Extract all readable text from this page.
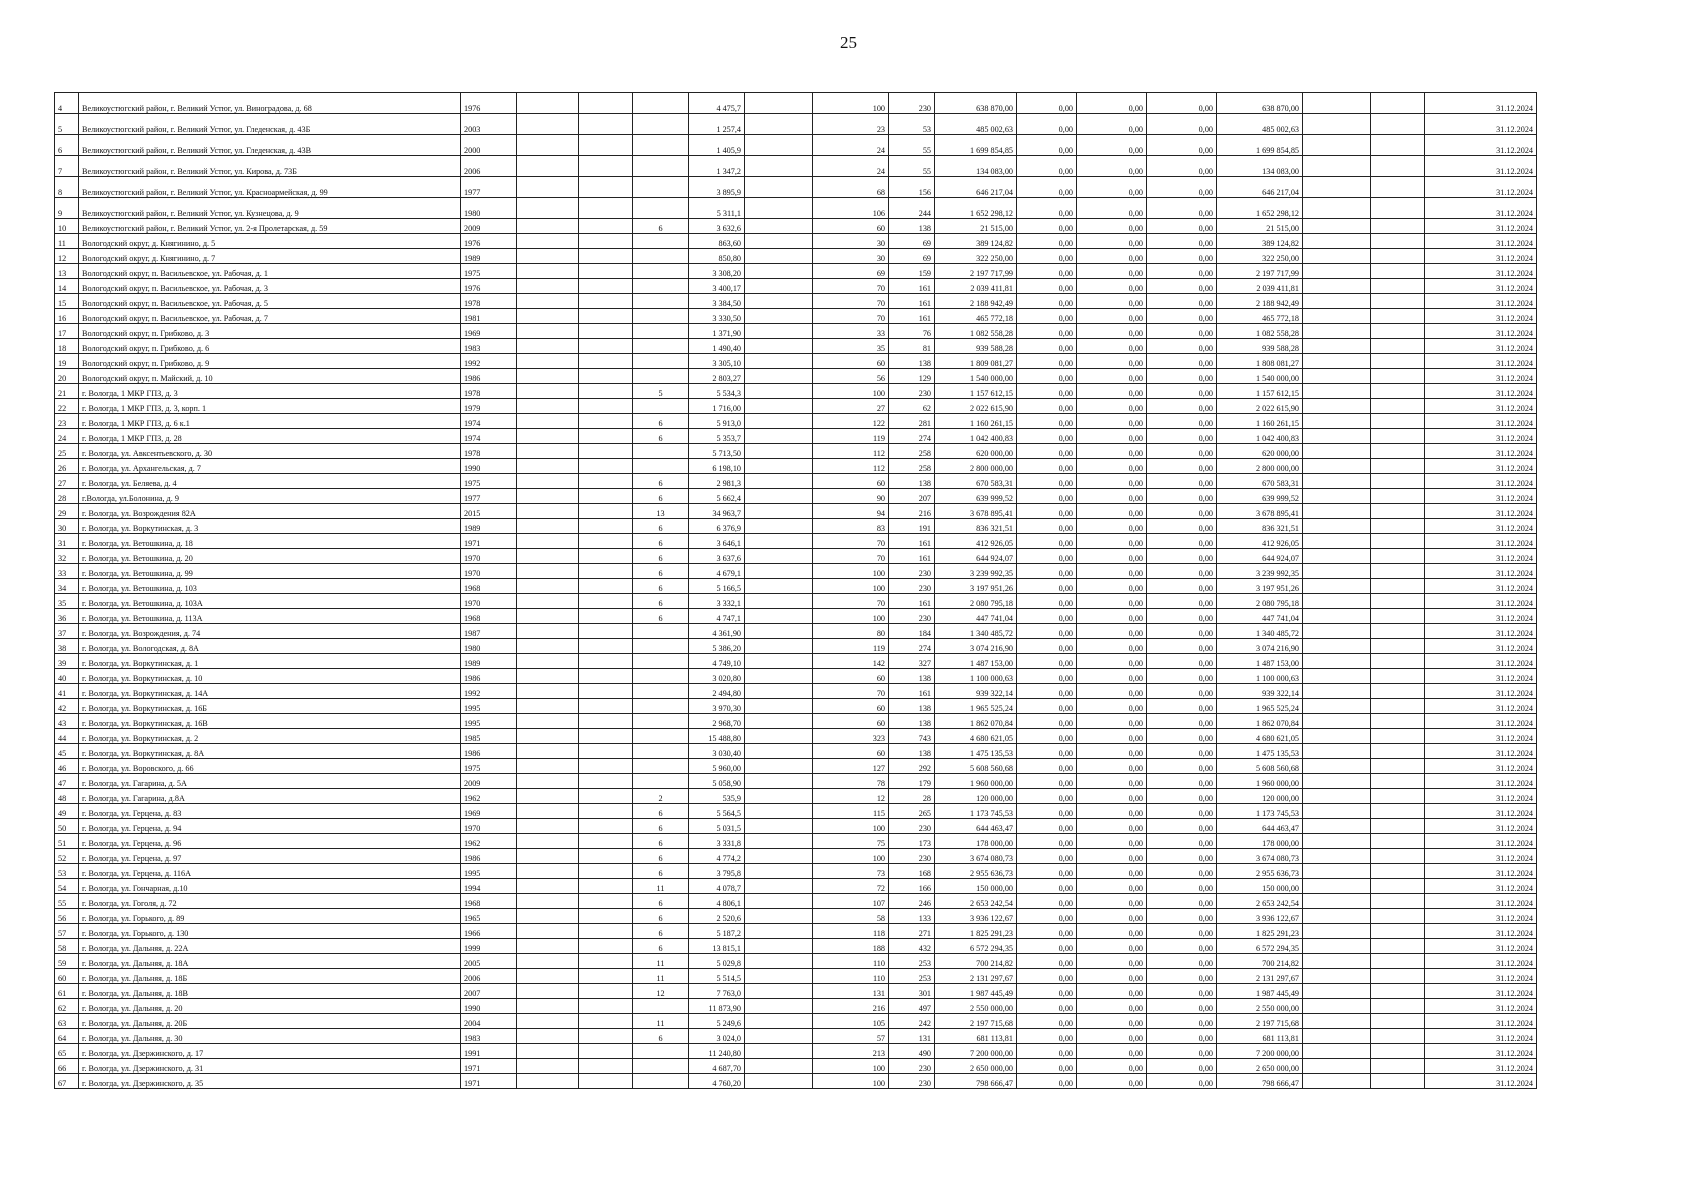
25
4	Великоустюгский район, г. Великий Устюг, ул. Виноградова, д. 68	1976				4 475,7		100	230	638 870,00	0,00	0,00	0,00	638 870,00			31.12.2024
5	Великоустюгский район, г. Великий Устюг, ул. Гледенская, д. 43Б	2003				1 257,4		23	53	485 002,63	0,00	0,00	0,00	485 002,63			31.12.2024
6	Великоустюгский район, г. Великий Устюг, ул. Гледенская, д. 43В	2000				1 405,9		24	55	1 699 854,85	0,00	0,00	0,00	1 699 854,85			31.12.2024
7	Великоустюгский район, г. Великий Устюг, ул. Кирова, д. 73Б	2006				1 347,2		24	55	134 083,00	0,00	0,00	0,00	134 083,00			31.12.2024
8	Великоустюгский район, г. Великий Устюг, ул. Красноармейская, д. 99	1977				3 895,9		68	156	646 217,04	0,00	0,00	0,00	646 217,04			31.12.2024
9	Великоустюгский район, г. Великий Устюг, ул. Кузнецова, д. 9	1980				5 311,1		106	244	1 652 298,12	0,00	0,00	0,00	1 652 298,12			31.12.2024
10	Великоустюгский район, г. Великий Устюг, ул. 2-я Пролетарская, д. 59	2009			6	3 632,6		60	138	21 515,00	0,00	0,00	0,00	21 515,00			31.12.2024
11	Вологодский округ, д. Княгинино, д. 5	1976				863,60		30	69	389 124,82	0,00	0,00	0,00	389 124,82			31.12.2024
12	Вологодский округ, д. Княгинино, д. 7	1989				850,80		30	69	322 250,00	0,00	0,00	0,00	322 250,00			31.12.2024
13	Вологодский округ, п. Васильевское, ул. Рабочая, д. 1	1975				3 308,20		69	159	2 197 717,99	0,00	0,00	0,00	2 197 717,99			31.12.2024
14	Вологодский округ, п. Васильевское, ул. Рабочая, д. 3	1976				3 400,17		70	161	2 039 411,81	0,00	0,00	0,00	2 039 411,81			31.12.2024
15	Вологодский округ, п. Васильевское, ул. Рабочая, д. 5	1978				3 384,50		70	161	2 188 942,49	0,00	0,00	0,00	2 188 942,49			31.12.2024
16	Вологодский округ, п. Васильевское, ул. Рабочая, д. 7	1981				3 330,50		70	161	465 772,18	0,00	0,00	0,00	465 772,18			31.12.2024
17	Вологодский округ, п. Грибково, д. 3	1969				1 371,90		33	76	1 082 558,28	0,00	0,00	0,00	1 082 558,28			31.12.2024
18	Вологодский округ, п. Грибково, д. 6	1983				1 490,40		35	81	939 588,28	0,00	0,00	0,00	939 588,28			31.12.2024
19	Вологодский округ, п. Грибково, д. 9	1992				3 305,10		60	138	1 809 081,27	0,00	0,00	0,00	1 808 081,27			31.12.2024
20	Вологодский округ, п. Майский, д. 10	1986				2 803,27		56	129	1 540 000,00	0,00	0,00	0,00	1 540 000,00			31.12.2024
21	г. Вологда, 1 МКР ГПЗ, д. 3	1978			5	5 534,3		100	230	1 157 612,15	0,00	0,00	0,00	1 157 612,15			31.12.2024
22	г. Вологда, 1 МКР ГПЗ, д. 3, корп. 1	1979				1 716,00		27	62	2 022 615,90	0,00	0,00	0,00	2 022 615,90			31.12.2024
23	г. Вологда, 1 МКР ГПЗ, д. 6 к.1	1974			6	5 913,0		122	281	1 160 261,15	0,00	0,00	0,00	1 160 261,15			31.12.2024
24	г. Вологда, 1 МКР ГПЗ, д. 28	1974			6	5 353,7		119	274	1 042 400,83	0,00	0,00	0,00	1 042 400,83			31.12.2024
25	г. Вологда, ул. Авксентьевского, д. 30	1978				5 713,50		112	258	620 000,00	0,00	0,00	0,00	620 000,00			31.12.2024
26	г. Вологда, ул. Архангельская, д. 7	1990				6 198,10		112	258	2 800 000,00	0,00	0,00	0,00	2 800 000,00			31.12.2024
27	г. Вологда, ул. Беляева, д. 4	1975			6	2 981,3		60	138	670 583,31	0,00	0,00	0,00	670 583,31			31.12.2024
28	г.Вологда, ул.Болонина, д. 9	1977			6	5 662,4		90	207	639 999,52	0,00	0,00	0,00	639 999,52			31.12.2024
29	г. Вологда, ул. Возрождения 82А	2015			13	34 963,7		94	216	3 678 895,41	0,00	0,00	0,00	3 678 895,41			31.12.2024
30	г. Вологда, ул. Воркутинская, д. 3	1989			6	6 376,9		83	191	836 321,51	0,00	0,00	0,00	836 321,51			31.12.2024
31	г. Вологда, ул. Ветошкина, д. 18	1971			6	3 646,1		70	161	412 926,05	0,00	0,00	0,00	412 926,05			31.12.2024
32	г. Вологда, ул. Ветошкина, д. 20	1970			6	3 637,6		70	161	644 924,07	0,00	0,00	0,00	644 924,07			31.12.2024
33	г. Вологда, ул. Ветошкина, д. 99	1970			6	4 679,1		100	230	3 239 992,35	0,00	0,00	0,00	3 239 992,35			31.12.2024
34	г. Вологда, ул. Ветошкина, д. 103	1968			6	5 166,5		100	230	3 197 951,26	0,00	0,00	0,00	3 197 951,26			31.12.2024
35	г. Вологда, ул. Ветошкина, д. 103А	1970			6	3 332,1		70	161	2 080 795,18	0,00	0,00	0,00	2 080 795,18			31.12.2024
36	г. Вологда, ул. Ветошкина, д. 113А	1968			6	4 747,1		100	230	447 741,04	0,00	0,00	0,00	447 741,04			31.12.2024
37	г. Вологда, ул. Возрождения, д. 74	1987				4 361,90		80	184	1 340 485,72	0,00	0,00	0,00	1 340 485,72			31.12.2024
38	г. Вологда, ул. Вологодская, д. 8А	1980				5 386,20		119	274	3 074 216,90	0,00	0,00	0,00	3 074 216,90			31.12.2024
39	г. Вологда, ул. Воркутинская, д. 1	1989				4 749,10		142	327	1 487 153,00	0,00	0,00	0,00	1 487 153,00			31.12.2024
40	г. Вологда, ул. Воркутинская, д. 10	1986				3 020,80		60	138	1 100 000,63	0,00	0,00	0,00	1 100 000,63			31.12.2024
41	г. Вологда, ул. Воркутинская, д. 14А	1992				2 494,80		70	161	939 322,14	0,00	0,00	0,00	939 322,14			31.12.2024
42	г. Вологда, ул. Воркутинская, д. 16Б	1995				3 970,30		60	138	1 965 525,24	0,00	0,00	0,00	1 965 525,24			31.12.2024
43	г. Вологда, ул. Воркутинская, д. 16В	1995				2 968,70		60	138	1 862 070,84	0,00	0,00	0,00	1 862 070,84			31.12.2024
44	г. Вологда, ул. Воркутинская, д. 2	1985				15 488,80		323	743	4 680 621,05	0,00	0,00	0,00	4 680 621,05			31.12.2024
45	г. Вологда, ул. Воркутинская, д. 8А	1986				3 030,40		60	138	1 475 135,53	0,00	0,00	0,00	1 475 135,53			31.12.2024
46	г. Вологда, ул. Воровского, д. 66	1975				5 960,00		127	292	5 608 560,68	0,00	0,00	0,00	5 608 560,68			31.12.2024
47	г. Вологда, ул. Гагарина, д. 5А	2009				5 058,90		78	179	1 960 000,00	0,00	0,00	0,00	1 960 000,00			31.12.2024
48	г. Вологда, ул. Гагарина, д.8А	1962			2	535,9		12	28	120 000,00	0,00	0,00	0,00	120 000,00			31.12.2024
49	г. Вологда, ул. Герцена, д. 83	1969			6	5 564,5		115	265	1 173 745,53	0,00	0,00	0,00	1 173 745,53			31.12.2024
50	г. Вологда, ул. Герцена, д. 94	1970			6	5 031,5		100	230	644 463,47	0,00	0,00	0,00	644 463,47			31.12.2024
51	г. Вологда, ул. Герцена, д. 96	1962			6	3 331,8		75	173	178 000,00	0,00	0,00	0,00	178 000,00			31.12.2024
52	г. Вологда, ул. Герцена, д. 97	1986			6	4 774,2		100	230	3 674 080,73	0,00	0,00	0,00	3 674 080,73			31.12.2024
53	г. Вологда, ул. Герцена, д. 116А	1995			6	3 795,8		73	168	2 955 636,73	0,00	0,00	0,00	2 955 636,73			31.12.2024
54	г. Вологда, ул. Гончарная, д.10	1994			11	4 078,7		72	166	150 000,00	0,00	0,00	0,00	150 000,00			31.12.2024
55	г. Вологда, ул. Гоголя, д. 72	1968			6	4 806,1		107	246	2 653 242,54	0,00	0,00	0,00	2 653 242,54			31.12.2024
56	г. Вологда, ул. Горького, д. 89	1965			6	2 520,6		58	133	3 936 122,67	0,00	0,00	0,00	3 936 122,67			31.12.2024
57	г. Вологда, ул. Горького, д. 130	1966			6	5 187,2		118	271	1 825 291,23	0,00	0,00	0,00	1 825 291,23			31.12.2024
58	г. Вологда, ул. Дальняя, д. 22А	1999			6	13 815,1		188	432	6 572 294,35	0,00	0,00	0,00	6 572 294,35			31.12.2024
59	г. Вологда, ул. Дальняя, д. 18А	2005			11	5 029,8		110	253	700 214,82	0,00	0,00	0,00	700 214,82			31.12.2024
60	г. Вологда, ул. Дальняя, д. 18Б	2006			11	5 514,5		110	253	2 131 297,67	0,00	0,00	0,00	2 131 297,67			31.12.2024
61	г. Вологда, ул. Дальняя, д. 18В	2007			12	7 763,0		131	301	1 987 445,49	0,00	0,00	0,00	1 987 445,49			31.12.2024
62	г. Вологда, ул. Дальняя, д. 20	1990				11 873,90		216	497	2 550 000,00	0,00	0,00	0,00	2 550 000,00			31.12.2024
63	г. Вологда, ул. Дальняя, д. 20Б	2004			11	5 249,6		105	242	2 197 715,68	0,00	0,00	0,00	2 197 715,68			31.12.2024
64	г. Вологда, ул. Дальняя, д. 30	1983			6	3 024,0		57	131	681 113,81	0,00	0,00	0,00	681 113,81			31.12.2024
65	г. Вологда, ул. Дзержинского, д. 17	1991				11 240,80		213	490	7 200 000,00	0,00	0,00	0,00	7 200 000,00			31.12.2024
66	г. Вологда, ул. Дзержинского, д. 31	1971				4 687,70		100	230	2 650 000,00	0,00	0,00	0,00	2 650 000,00			31.12.2024
67	г. Вологда, ул. Дзержинского, д. 35	1971				4 760,20		100	230	798 666,47	0,00	0,00	0,00	798 666,47			31.12.2024
